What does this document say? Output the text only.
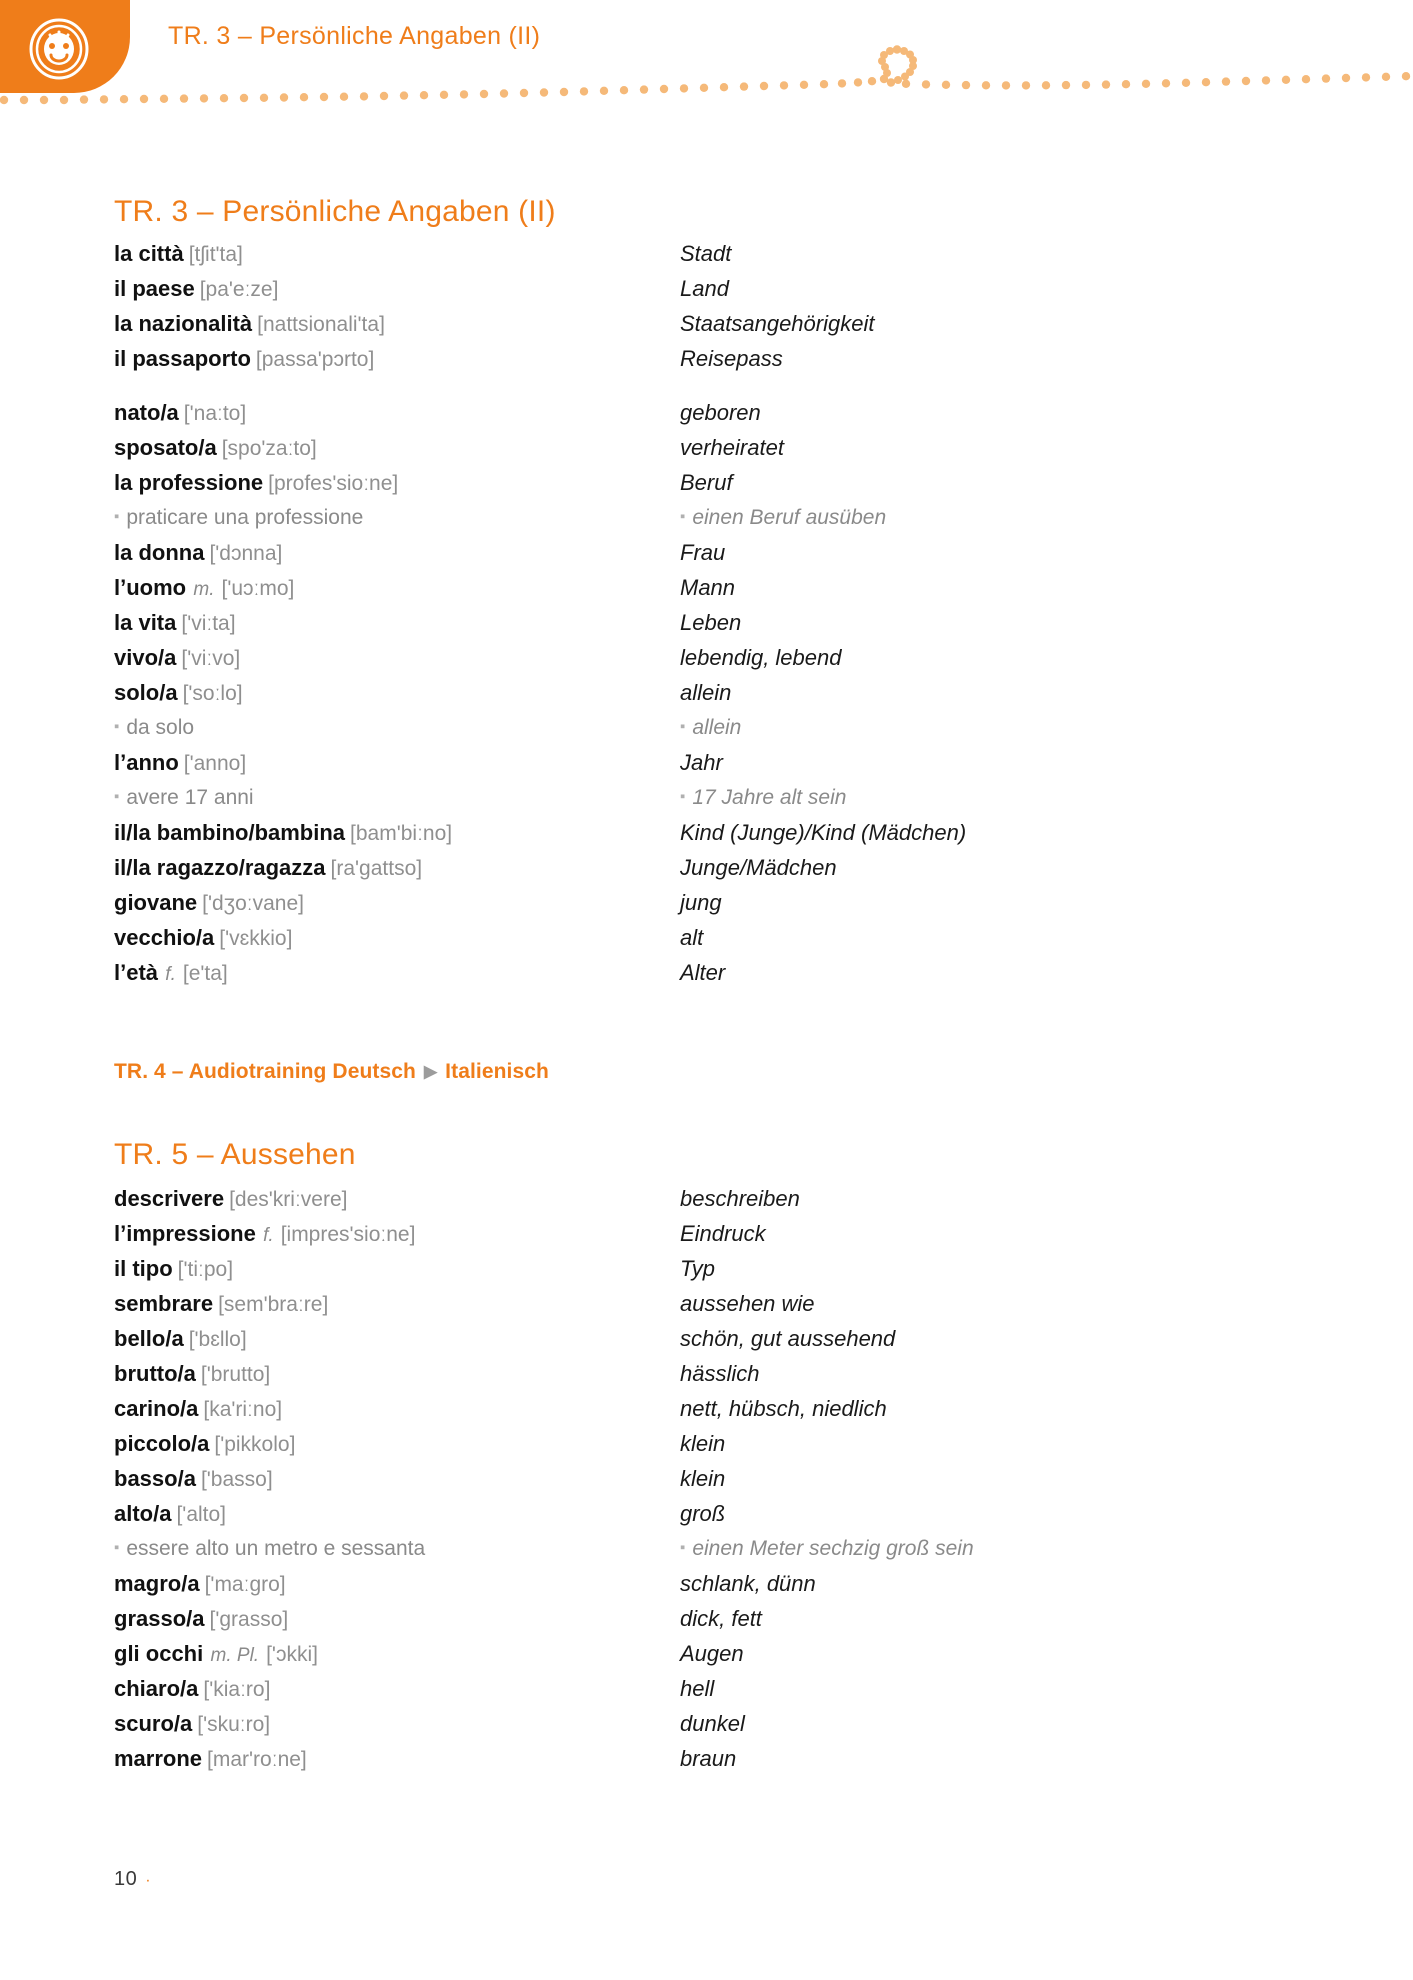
TR. 3 – Persönliche Angaben (II)
TR. 3 – Persönliche Angaben (II)
la città [tʃit'ta]	Stadt
il paese [pa'eːze]	Land
la nazionalità [nattsionali'ta]	Staatsangehörigkeit
il passaporto [passa'pɔrto]	Reisepass
nato/a ['naːto]	geboren
sposato/a [spo'zaːto]	verheiratet
la professione [profes'sioːne]	Beruf
▪ praticare una professione	▪ einen Beruf ausüben
la donna ['dɔnna]	Frau
l’uomo m. ['uɔːmo]	Mann
la vita ['viːta]	Leben
vivo/a ['viːvo]	lebendig, lebend
solo/a ['soːlo]	allein
▪ da solo	▪ allein
l’anno ['anno]	Jahr
▪ avere 17 anni	▪ 17 Jahre alt sein
il/la bambino/bambina [bam'biːno]	Kind (Junge)/Kind (Mädchen)
il/la ragazzo/ragazza [ra'gattso]	Junge/Mädchen
giovane ['dʒoːvane]	jung
vecchio/a ['vɛkkio]	alt
l’età f. [e'ta]	Alter
TR. 4 – Audiotraining Deutsch ▶ Italienisch
TR. 5 – Aussehen
descrivere [des'kriːvere]	beschreiben
l’impressione f. [impres'sioːne]	Eindruck
il tipo ['tiːpo]	Typ
sembrare [sem'braːre]	aussehen wie
bello/a ['bɛllo]	schön, gut aussehend
brutto/a ['brutto]	hässlich
carino/a [ka'riːno]	nett, hübsch, niedlich
piccolo/a ['pikkolo]	klein
basso/a ['basso]	klein
alto/a ['alto]	groß
▪ essere alto un metro e sessanta	▪ einen Meter sechzig groß sein
magro/a ['maːgro]	schlank, dünn
grasso/a ['grasso]	dick, fett
gli occhi m. Pl. ['ɔkki]	Augen
chiaro/a ['kiaːro]	hell
scuro/a ['skuːro]	dunkel
marrone [mar'roːne]	braun
10 ·
